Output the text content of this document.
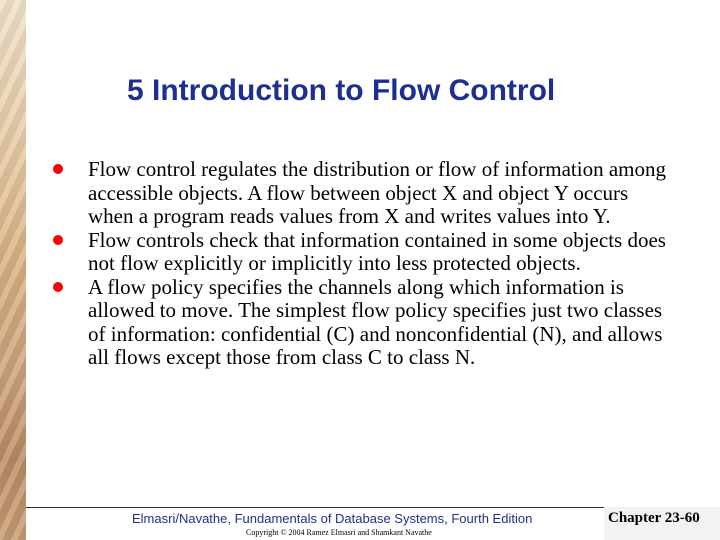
5 Introduction to Flow Control
Flow control regulates the distribution or flow of information among accessible objects. A flow between object X and object Y occurs when a program reads values from X and writes values into Y.
Flow controls check that information contained in some objects does not flow explicitly or implicitly into less protected objects.
A flow policy specifies the channels along which information is allowed to move. The simplest flow policy specifies just two classes of information: confidential (C) and nonconfidential (N), and allows all flows except those from class C to class N.
Elmasri/Navathe, Fundamentals of Database Systems, Fourth Edition
Copyright © 2004 Ramez Elmasri and Shamkant Navathe
Chapter 23-60
